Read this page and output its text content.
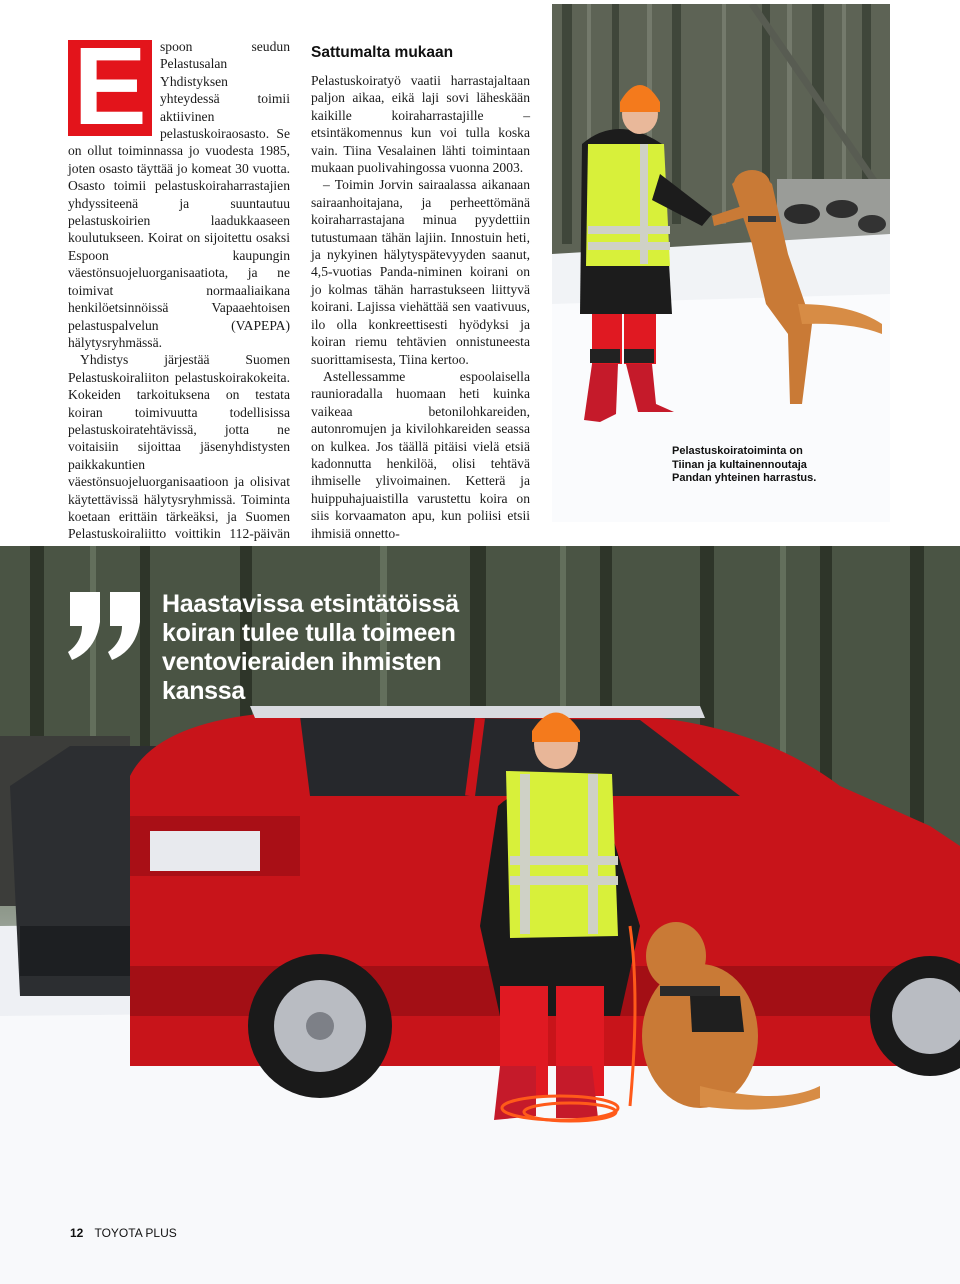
E spoon seudun Pelastusalan Yhdistyksen yhteydessä toimii aktiivinen pelastuskoiraosasto. Se on ollut toiminnassa jo vuodesta 1985, joten osasto täyttää jo komeat 30 vuotta. Osasto toimii pelastuskoiraharrastajien yhdyssiteenä ja suuntautuu pelastuskoirien laadukkaaseen koulutukseen. Koirat on sijoitettu osaksi Espoon kaupungin väestönsuojeluorganisaatiota, ja ne toimivat normaaliaikana henkilöetsinnöissä Vapaaehtoisen pelastuspalvelun (VAPEPA) hälytysryhmässä.

Yhdistys järjestää Suomen Pelastuskoiraliiton pelastuskoirakokeita. Kokeiden tarkoituksena on testata koiran toimivuutta todellisissa pelastuskoiratehtävissä, jotta ne voitaisiin sijoittaa jäsenyhdistysten paikkakuntien väestönsuojeluorganisaatioon ja olisivat käytettävissä hälytysryhmissä. Toiminta koetaan erittäin tärkeäksi, ja Suomen Pelastuskoiraliitto voittikin 112-päivän

Sattumalta mukaan

Pelastuskoiratyö vaatii harrastajaltaan paljon aikaa, eikä laji sovi läheskään kaikille koiraharrastajille – etsintäkomennus kun voi tulla koska vain. Tiina Vesalainen lähti toimintaan mukaan puolivahingossa vuonna 2003.

– Toimin Jorvin sairaalassa aikanaan sairaanhoitajana, ja perheettömänä koiraharrastajana minua pyydettiin tutustumaan tähän lajiin. Innostuin heti, ja nykyinen hälytyspätevyyden saanut, 4,5-vuotias Panda-niminen koirani on jo kolmas tähän harrastukseen liittyvä koirani. Lajissa viehättää sen vaativuus, ilo olla konkreettisesti hyödyksi ja koiran riemu tehtävien onnistuneesta suorittamisesta, Tiina kertoo.

Astellessamme espoolaisella raunioradalla huomaan heti kuinka vaikeaa betonilohkareiden, autonromujen ja kivilohkareiden seassa on kulkea. Jos täällä pitäisi vielä etsiä kadonnutta henkilöä, olisi tehtävä ihmiselle ylivoimainen. Ketterä ja huippuhajuaistilla varustettu koira on siis korvaamaton apu, kun poliisi etsii ihmisiä onnetto-

Pelastuskoiratoiminta on Tiinan ja kultainennoutaja Pandan yhteinen harrastus.

Haastavissa etsintätöissä koiran tulee tulla toimeen ventovieraiden ihmisten kanssa

12 TOYOTA PLUS
